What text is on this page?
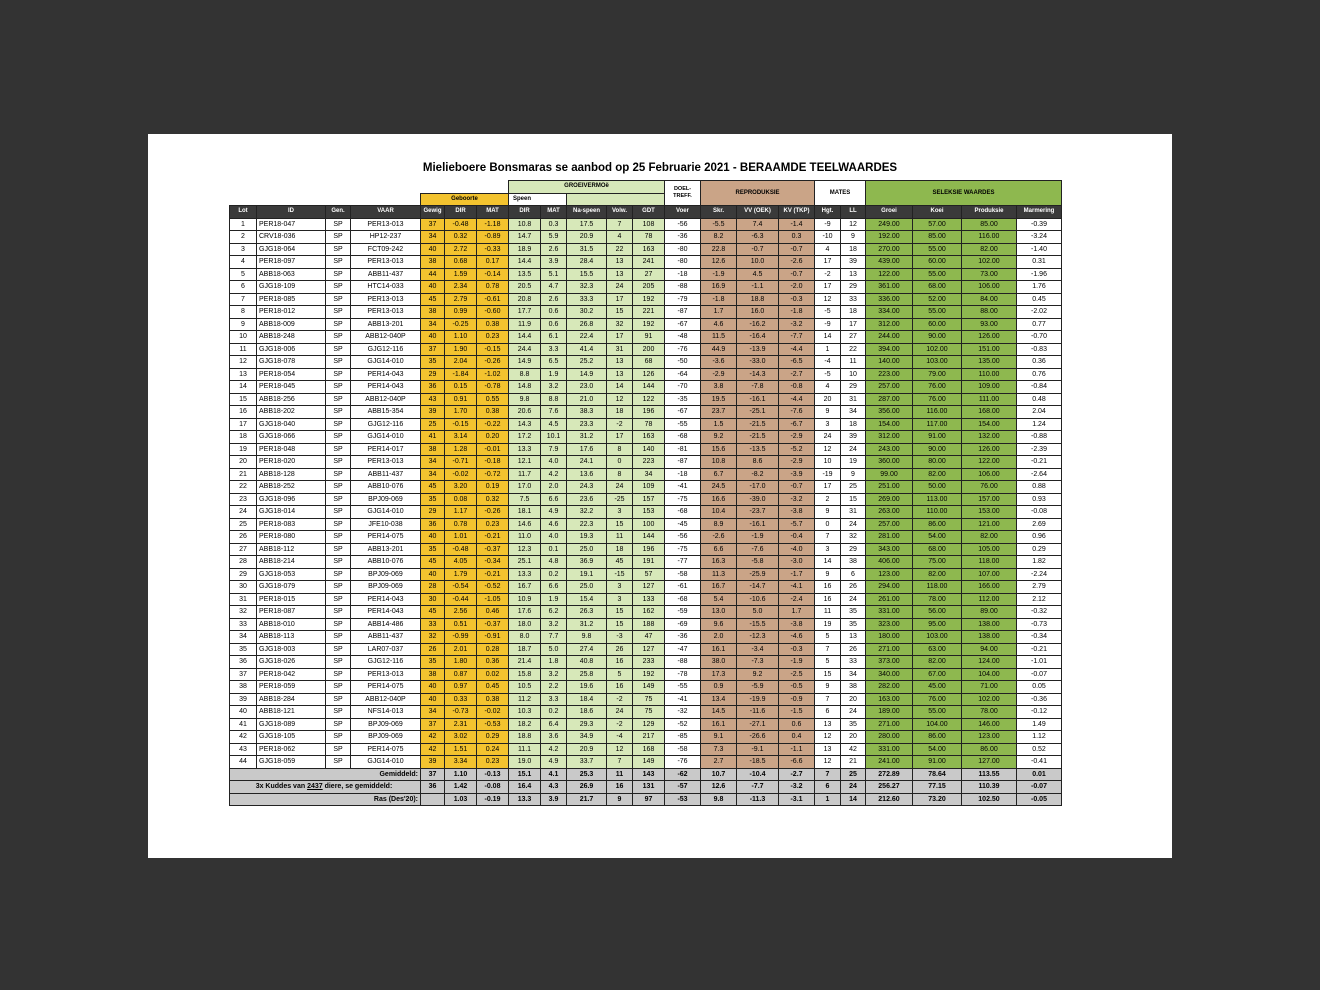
Mielieboere Bonsmaras se aanbod op 25 Februarie 2021 - BERAAMDE TEELWAARDES
							GROEIVERMOë					DOEL-TREFF.	REPRODUKSIE			MATES		SELEKSIE WAARDES			
				Geboorte			Speen														
Lot	ID	Gen.	VAAR	Gewig	DIR	MAT	DIR	MAT	Na-speen	Volw.	GDT	Voer	Skr.	VV (OEK)	KV (TKP)	Hgt.	LL	Groei	Koei	Produksie	Marmering
1	PER18-047	SP	PER13-013	37	-0.48	-1.18	10.8	0.3	17.5	7	108	-56	-5.5	7.4	-1.4	-9	12	249.00	57.00	85.00	-0.39
2	CRV18-036	SP	HP12-237	34	0.32	-0.89	14.7	5.9	20.9	4	78	-36	8.2	-6.3	0.3	-10	9	192.00	85.00	116.00	-3.24
3	GJG18-064	SP	FCT09-242	40	2.72	-0.33	18.9	2.6	31.5	22	163	-80	22.8	-0.7	-0.7	4	18	270.00	55.00	82.00	-1.40
4	PER18-097	SP	PER13-013	38	0.68	0.17	14.4	3.9	28.4	13	241	-80	12.6	10.0	-2.6	17	39	439.00	60.00	102.00	0.31
5	ABB18-063	SP	ABB11-437	44	1.59	-0.14	13.5	5.1	15.5	13	27	-18	-1.9	4.5	-0.7	-2	13	122.00	55.00	73.00	-1.96
6	GJG18-109	SP	HTC14-033	40	2.34	0.78	20.5	4.7	32.3	24	205	-88	16.9	-1.1	-2.0	17	29	361.00	68.00	106.00	1.76
7	PER18-085	SP	PER13-013	45	2.79	-0.61	20.8	2.6	33.3	17	192	-79	-1.8	18.8	-0.3	12	33	336.00	52.00	84.00	0.45
8	PER18-012	SP	PER13-013	38	0.99	-0.60	17.7	0.6	30.2	15	221	-87	1.7	16.0	-1.8	-5	18	334.00	55.00	88.00	-2.02
9	ABB18-009	SP	ABB13-201	34	-0.25	0.38	11.9	0.6	26.8	32	192	-67	4.6	-16.2	-3.2	-9	17	312.00	60.00	93.00	0.77
10	ABB18-248	SP	ABB12-040P	40	1.10	0.23	14.4	6.1	22.4	17	91	-48	11.5	-16.4	-7.7	14	27	244.00	90.00	126.00	-0.70
11	GJG18-006	SP	GJG12-116	37	1.90	-0.15	24.4	3.3	41.4	31	200	-76	44.9	-13.9	-4.4	1	22	394.00	102.00	151.00	-0.83
12	GJG18-078	SP	GJG14-010	35	2.04	-0.26	14.9	6.5	25.2	13	68	-50	-3.6	-33.0	-6.5	-4	11	140.00	103.00	135.00	0.36
13	PER18-054	SP	PER14-043	29	-1.84	-1.02	8.8	1.9	14.9	13	126	-64	-2.9	-14.3	-2.7	-5	10	223.00	79.00	110.00	0.76
14	PER18-045	SP	PER14-043	36	0.15	-0.78	14.8	3.2	23.0	14	144	-70	3.8	-7.8	-0.8	4	29	257.00	76.00	109.00	-0.84
15	ABB18-256	SP	ABB12-040P	43	0.91	0.55	9.8	8.8	21.0	12	122	-35	19.5	-16.1	-4.4	20	31	287.00	76.00	111.00	0.48
16	ABB18-202	SP	ABB15-354	39	1.70	0.38	20.6	7.6	38.3	18	196	-67	23.7	-25.1	-7.6	9	34	356.00	116.00	168.00	2.04
17	GJG18-040	SP	GJG12-116	25	-0.15	-0.22	14.3	4.5	23.3	-2	78	-55	1.5	-21.5	-6.7	3	18	154.00	117.00	154.00	1.24
18	GJG18-066	SP	GJG14-010	41	3.14	0.20	17.2	10.1	31.2	17	163	-68	9.2	-21.5	-2.9	24	39	312.00	91.00	132.00	-0.88
19	PER18-048	SP	PER14-017	38	1.28	-0.01	13.3	7.9	17.6	8	140	-81	15.6	-13.5	-5.2	12	24	243.00	90.00	126.00	-2.39
20	PER18-020	SP	PER13-013	34	-0.71	-0.18	12.1	4.0	24.1	0	223	-87	10.8	8.6	-2.9	10	19	360.00	80.00	122.00	-0.21
21	ABB18-128	SP	ABB11-437	34	-0.02	-0.72	11.7	4.2	13.6	8	34	-18	6.7	-8.2	-3.9	-19	9	99.00	82.00	106.00	-2.64
22	ABB18-252	SP	ABB10-076	45	3.20	0.19	17.0	2.0	24.3	24	109	-41	24.5	-17.0	-0.7	17	25	251.00	50.00	76.00	0.88
23	GJG18-096	SP	BPJ09-069	35	0.08	0.32	7.5	6.6	23.6	-25	157	-75	16.6	-39.0	-3.2	2	15	269.00	113.00	157.00	0.93
24	GJG18-014	SP	GJG14-010	29	1.17	-0.26	18.1	4.9	32.2	3	153	-68	10.4	-23.7	-3.8	9	31	263.00	110.00	153.00	-0.08
25	PER18-083	SP	JFE10-038	36	0.78	0.23	14.6	4.6	22.3	15	100	-45	8.9	-16.1	-5.7	0	24	257.00	86.00	121.00	2.69
26	PER18-080	SP	PER14-075	40	1.01	-0.21	11.0	4.0	19.3	11	144	-56	-2.6	-1.9	-0.4	7	32	281.00	54.00	82.00	0.96
27	ABB18-112	SP	ABB13-201	35	-0.48	-0.37	12.3	0.1	25.0	18	196	-75	6.6	-7.6	-4.0	3	29	343.00	68.00	105.00	0.29
28	ABB18-214	SP	ABB10-076	45	4.05	-0.34	25.1	4.8	36.9	45	191	-77	16.3	-5.8	-3.0	14	38	406.00	75.00	118.00	1.82
29	GJG18-053	SP	BPJ09-069	40	1.79	-0.21	13.3	0.2	19.1	-15	57	-58	11.3	-25.9	-1.7	9	6	123.00	82.00	107.00	-2.24
30	GJG18-079	SP	BPJ09-069	28	-0.54	-0.52	16.7	6.6	25.0	3	127	-61	16.7	-14.7	-4.1	16	26	294.00	118.00	166.00	2.79
31	PER18-015	SP	PER14-043	30	-0.44	-1.05	10.9	1.9	15.4	3	133	-68	5.4	-10.6	-2.4	16	24	261.00	78.00	112.00	2.12
32	PER18-087	SP	PER14-043	45	2.56	0.46	17.6	6.2	26.3	15	162	-59	13.0	5.0	1.7	11	35	331.00	56.00	89.00	-0.32
33	ABB18-010	SP	ABB14-486	33	0.51	-0.37	18.0	3.2	31.2	15	188	-69	9.6	-15.5	-3.8	19	35	323.00	95.00	138.00	-0.73
34	ABB18-113	SP	ABB11-437	32	-0.99	-0.91	8.0	7.7	9.8	-3	47	-36	2.0	-12.3	-4.6	5	13	180.00	103.00	138.00	-0.34
35	GJG18-003	SP	LAR07-037	26	2.01	0.28	18.7	5.0	27.4	26	127	-47	16.1	-3.4	-0.3	7	26	271.00	63.00	94.00	-0.21
36	GJG18-026	SP	GJG12-116	35	1.80	0.36	21.4	1.8	40.8	16	233	-88	38.0	-7.3	-1.9	5	33	373.00	82.00	124.00	-1.01
37	PER18-042	SP	PER13-013	38	0.87	0.02	15.8	3.2	25.8	5	192	-78	17.3	9.2	-2.5	15	34	340.00	67.00	104.00	-0.07
38	PER18-059	SP	PER14-075	40	0.97	0.45	10.5	2.2	19.6	16	149	-55	0.9	-5.9	-0.5	9	38	282.00	45.00	71.00	0.05
39	ABB18-284	SP	ABB12-040P	40	0.33	0.38	11.2	3.3	18.4	-2	75	-41	13.4	-19.9	-0.9	7	20	163.00	76.00	102.00	-0.36
40	ABB18-121	SP	NFS14-013	34	-0.73	-0.02	10.3	0.2	18.6	24	75	-32	14.5	-11.6	-1.5	6	24	189.00	55.00	78.00	-0.12
41	GJG18-089	SP	BPJ09-069	37	2.31	-0.53	18.2	6.4	29.3	-2	129	-52	16.1	-27.1	0.6	13	35	271.00	104.00	146.00	1.49
42	GJG18-105	SP	BPJ09-069	42	3.02	0.29	18.8	3.6	34.9	-4	217	-85	9.1	-26.6	0.4	12	20	280.00	86.00	123.00	1.12
43	PER18-062	SP	PER14-075	42	1.51	0.24	11.1	4.2	20.9	12	168	-58	7.3	-9.1	-1.1	13	42	331.00	54.00	86.00	0.52
44	GJG18-059	SP	GJG14-010	39	3.34	0.23	19.0	4.9	33.7	7	149	-76	2.7	-18.5	-6.6	12	21	241.00	91.00	127.00	-0.41
Gemiddeld:				37	1.10	-0.13	15.1	4.1	25.3	11	143	-62	10.7	-10.4	-2.7	7	25	272.89	78.64	113.55	0.01
3x Kuddes van 2437 diere, se gemiddeld:				36	1.42	-0.08	16.4	4.3	26.9	16	131	-57	12.6	-7.7	-3.2	6	24	256.27	77.15	110.39	-0.07
Ras (Des'20):					1.03	-0.19	13.3	3.9	21.7	9	97	-53	9.8	-11.3	-3.1	1	14	212.60	73.20	102.50	-0.05
